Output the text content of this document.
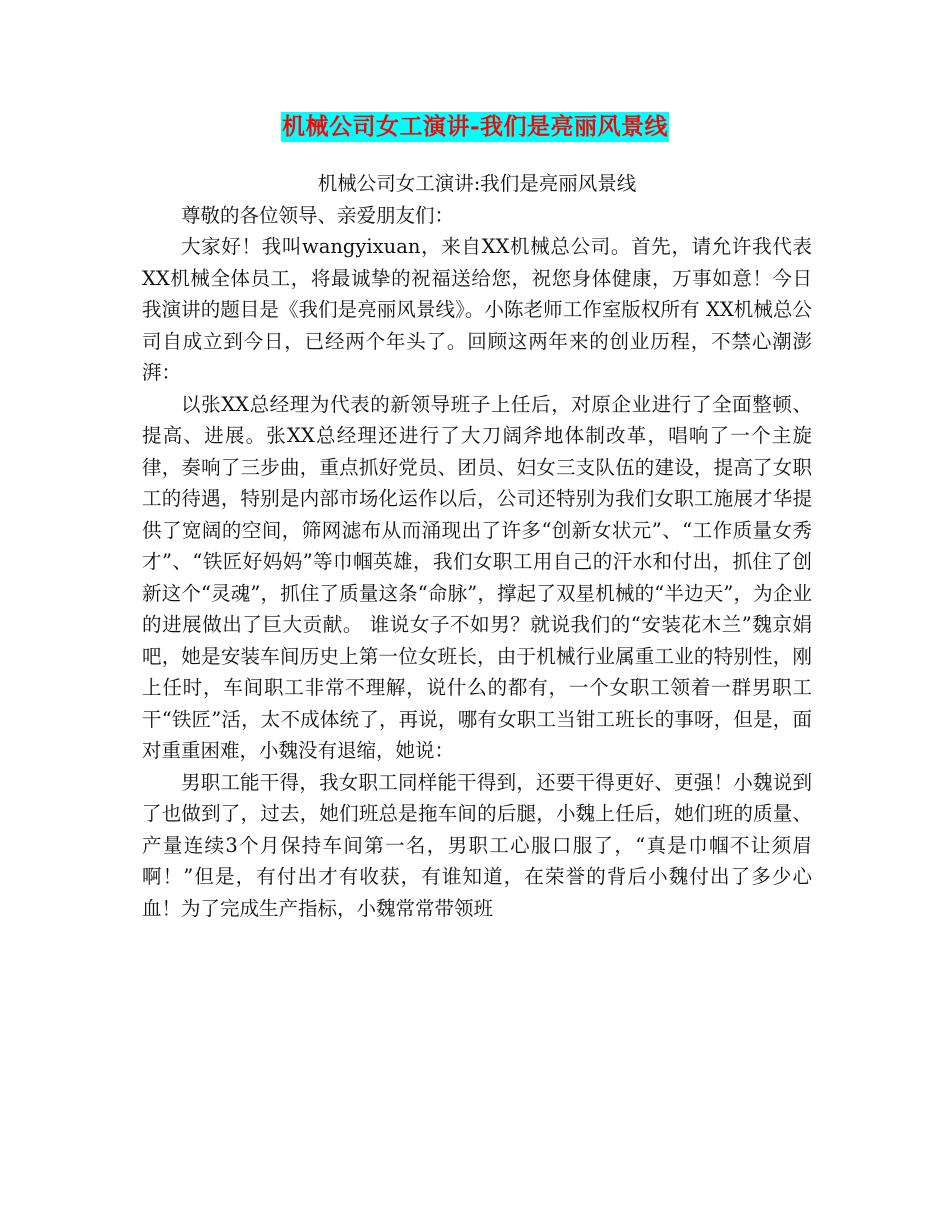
机械公司女工演讲-我们是亮丽风景线

机械公司女工演讲:我们是亮丽风景线

尊敬的各位领导、亲爱朋友们：

大家好！我叫wangyixuan，来自XX机械总公司。首先，请允许我代表XX机械全体员工，将最诚挚的祝福送给您，祝您身体健康，万事如意！今日我演讲的题目是《我们是亮丽风景线》。小陈老师工作室版权所有 XX机械总公司自成立到今日，已经两个年头了。回顾这两年来的创业历程，不禁心潮澎湃：

以张XX总经理为代表的新领导班子上任后，对原企业进行了全面整顿、提高、进展。张XX总经理还进行了大刀阔斧地体制改革，唱响了一个主旋律，奏响了三步曲，重点抓好党员、团员、妇女三支队伍的建设，提高了女职工的待遇，特别是内部市场化运作以后，公司还特别为我们女职工施展才华提供了宽阔的空间，筛网滤布从而涌现出了许多“创新女状元”、“工作质量女秀才”、“铁匠好妈妈”等巾帼英雄，我们女职工用自己的汗水和付出，抓住了创新这个“灵魂”，抓住了质量这条“命脉”，撑起了双星机械的“半边天”，为企业的进展做出了巨大贡献。 谁说女子不如男？就说我们的“安装花木兰”魏京娟吧，她是安装车间历史上第一位女班长，由于机械行业属重工业的特别性，刚上任时，车间职工非常不理解，说什么的都有，一个女职工领着一群男职工干“铁匠”活，太不成体统了，再说，哪有女职工当钳工班长的事呀，但是，面对重重困难，小魏没有退缩，她说：

男职工能干得，我女职工同样能干得到，还要干得更好、更强！小魏说到了也做到了，过去，她们班总是拖车间的后腿，小魏上任后，她们班的质量、产量连续3个月保持车间第一名，男职工心服口服了，“真是巾帼不让须眉啊！”但是，有付出才有收获，有谁知道，在荣誉的背后小魏付出了多少心血！为了完成生产指标，小魏常常带领班
